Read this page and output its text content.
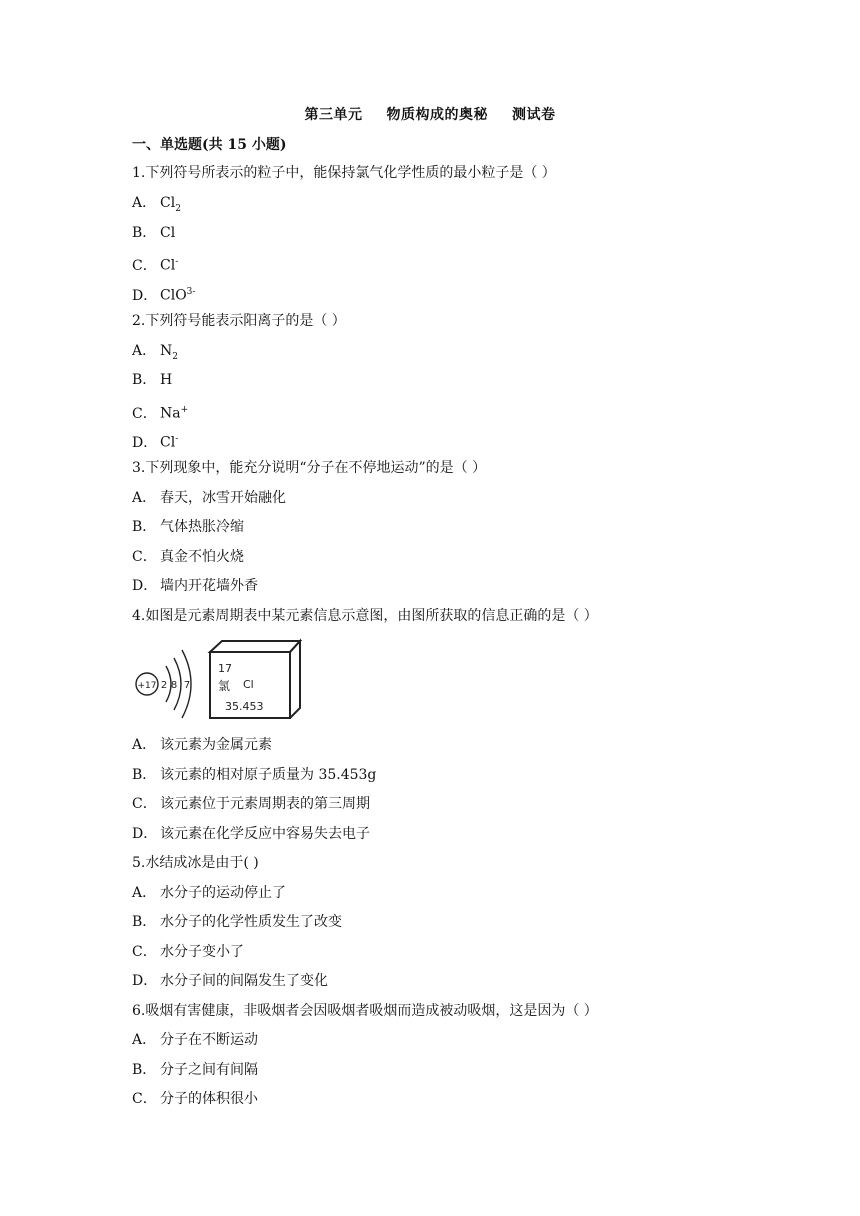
第三单元 物质构成的奥秘 测试卷
一、单选题(共 15 小题)
1.下列符号所表示的粒子中，能保持氯气化学性质的最小粒子是（ ）
A． $Cl_2$
B． Cl
C． Cl-
D． ClO$^{3-}$
2.下列符号能表示阳离子的是（ ）
A． $N_2$
B． H
C． Na+
D． Cl-
3.下列现象中，能充分说明“分子在不停地运动”的是（ ）
A． 春天，冰雪开始融化
B． 气体热胀冷缩
C． 真金不怕火烧
D． 墙内开花墙外香
4.如图是元素周期表中某元素信息示意图，由图所获取的信息正确的是（ ）
+17 2 8 7
17
氯 Cl
35.453
A． 该元素为金属元素
B． 该元素的相对原子质量为 35.453g
C． 该元素位于元素周期表的第三周期
D． 该元素在化学反应中容易失去电子
5.水结成冰是由于( )
A． 水分子的运动停止了
B． 水分子的化学性质发生了改变
C． 水分子变小了
D． 水分子间的间隔发生了变化
6.吸烟有害健康，非吸烟者会因吸烟者吸烟而造成被动吸烟，这是因为（ ）
A． 分子在不断运动
B． 分子之间有间隔
C． 分子的体积很小
